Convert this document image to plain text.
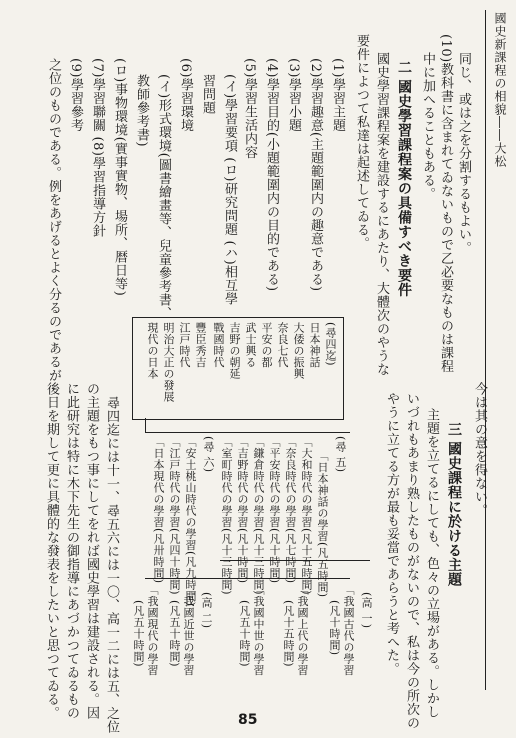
國史新課程の相貌――大松
同じ、或は之を分割するもよい。
(10)教科書に含まれてゐないもので乙必要なものは課程
中に加へることもある。
二 國史學習課程案の具備すべき要件
國史學習課程案を建設するにあたり、大體次のやうな
要件によつて私達は起述してゐる。
(1)學習主題
(2)學習趣意(主題範圍内の趣意である)
(3)學習小題
(4)學習目的(小題範圍内の目的である)
(5)學習生活内容
(イ)學習要項 (ロ)研究問題 (ハ)相互學
習問題
(6)學習環境
(イ)形式環境(圖書繪畫等、兒童參考書、
教師參考書)
(ロ)事物環境(實事實物、場所、暦日等)
(7)學習聯關 (8)學習指導方針
(9)學習參考
之位のものである。例をあげるとよく分るのであるが
今は其の意を得ない。
三 國史課程に於ける主題
主題を立てるにしても、色々の立場がある。しかし
いづれもあまり熟したものがないので、私は今の所次の
やうに立てる方が最も妥當であらうと考へた。
(尋四迄)
日本神話
大倭の振興
奈良七代
平安の都
武士興る
吉野の朝延
戰國時代
豐臣秀吉
江戸時代
明治大正の發展
現代の日本
(尋 五)
「日本神話の學習(凡五時間)
「大和時代の學習(凡十五時間)
「奈良時代の學習(凡七時間)
「平安時代の學習(凡十時間)
「鎌倉時代の學習(凡十三時間)
「吉野時代の學習(凡十時間)
「室町時代の學習(凡十三時間)
(尋 六)
「安土桃山時代の學習(凡九時間)
「江戸時代の學習(凡四十時間)
「日本現代の學習(凡卅時間)
(高 一)
「我國古代の學習
(凡十時間)
「我國上代の學習
(凡十五時間)
「我國中世の學習
(凡五十時間)
(高 二)
「我國近世の學習
(凡五十時間)
「我國現代の學習
(凡五十時間)
尋四迄には十一、尋五六には一〇、高一二には五、之位
の主題をもつ事にしてをれば國史學習は建設される。因
に此研究は特に木下先生の御指導にあづかつてゐるもの
後日を期して更に具體的な發表をしたいと思つてゐる。
85
